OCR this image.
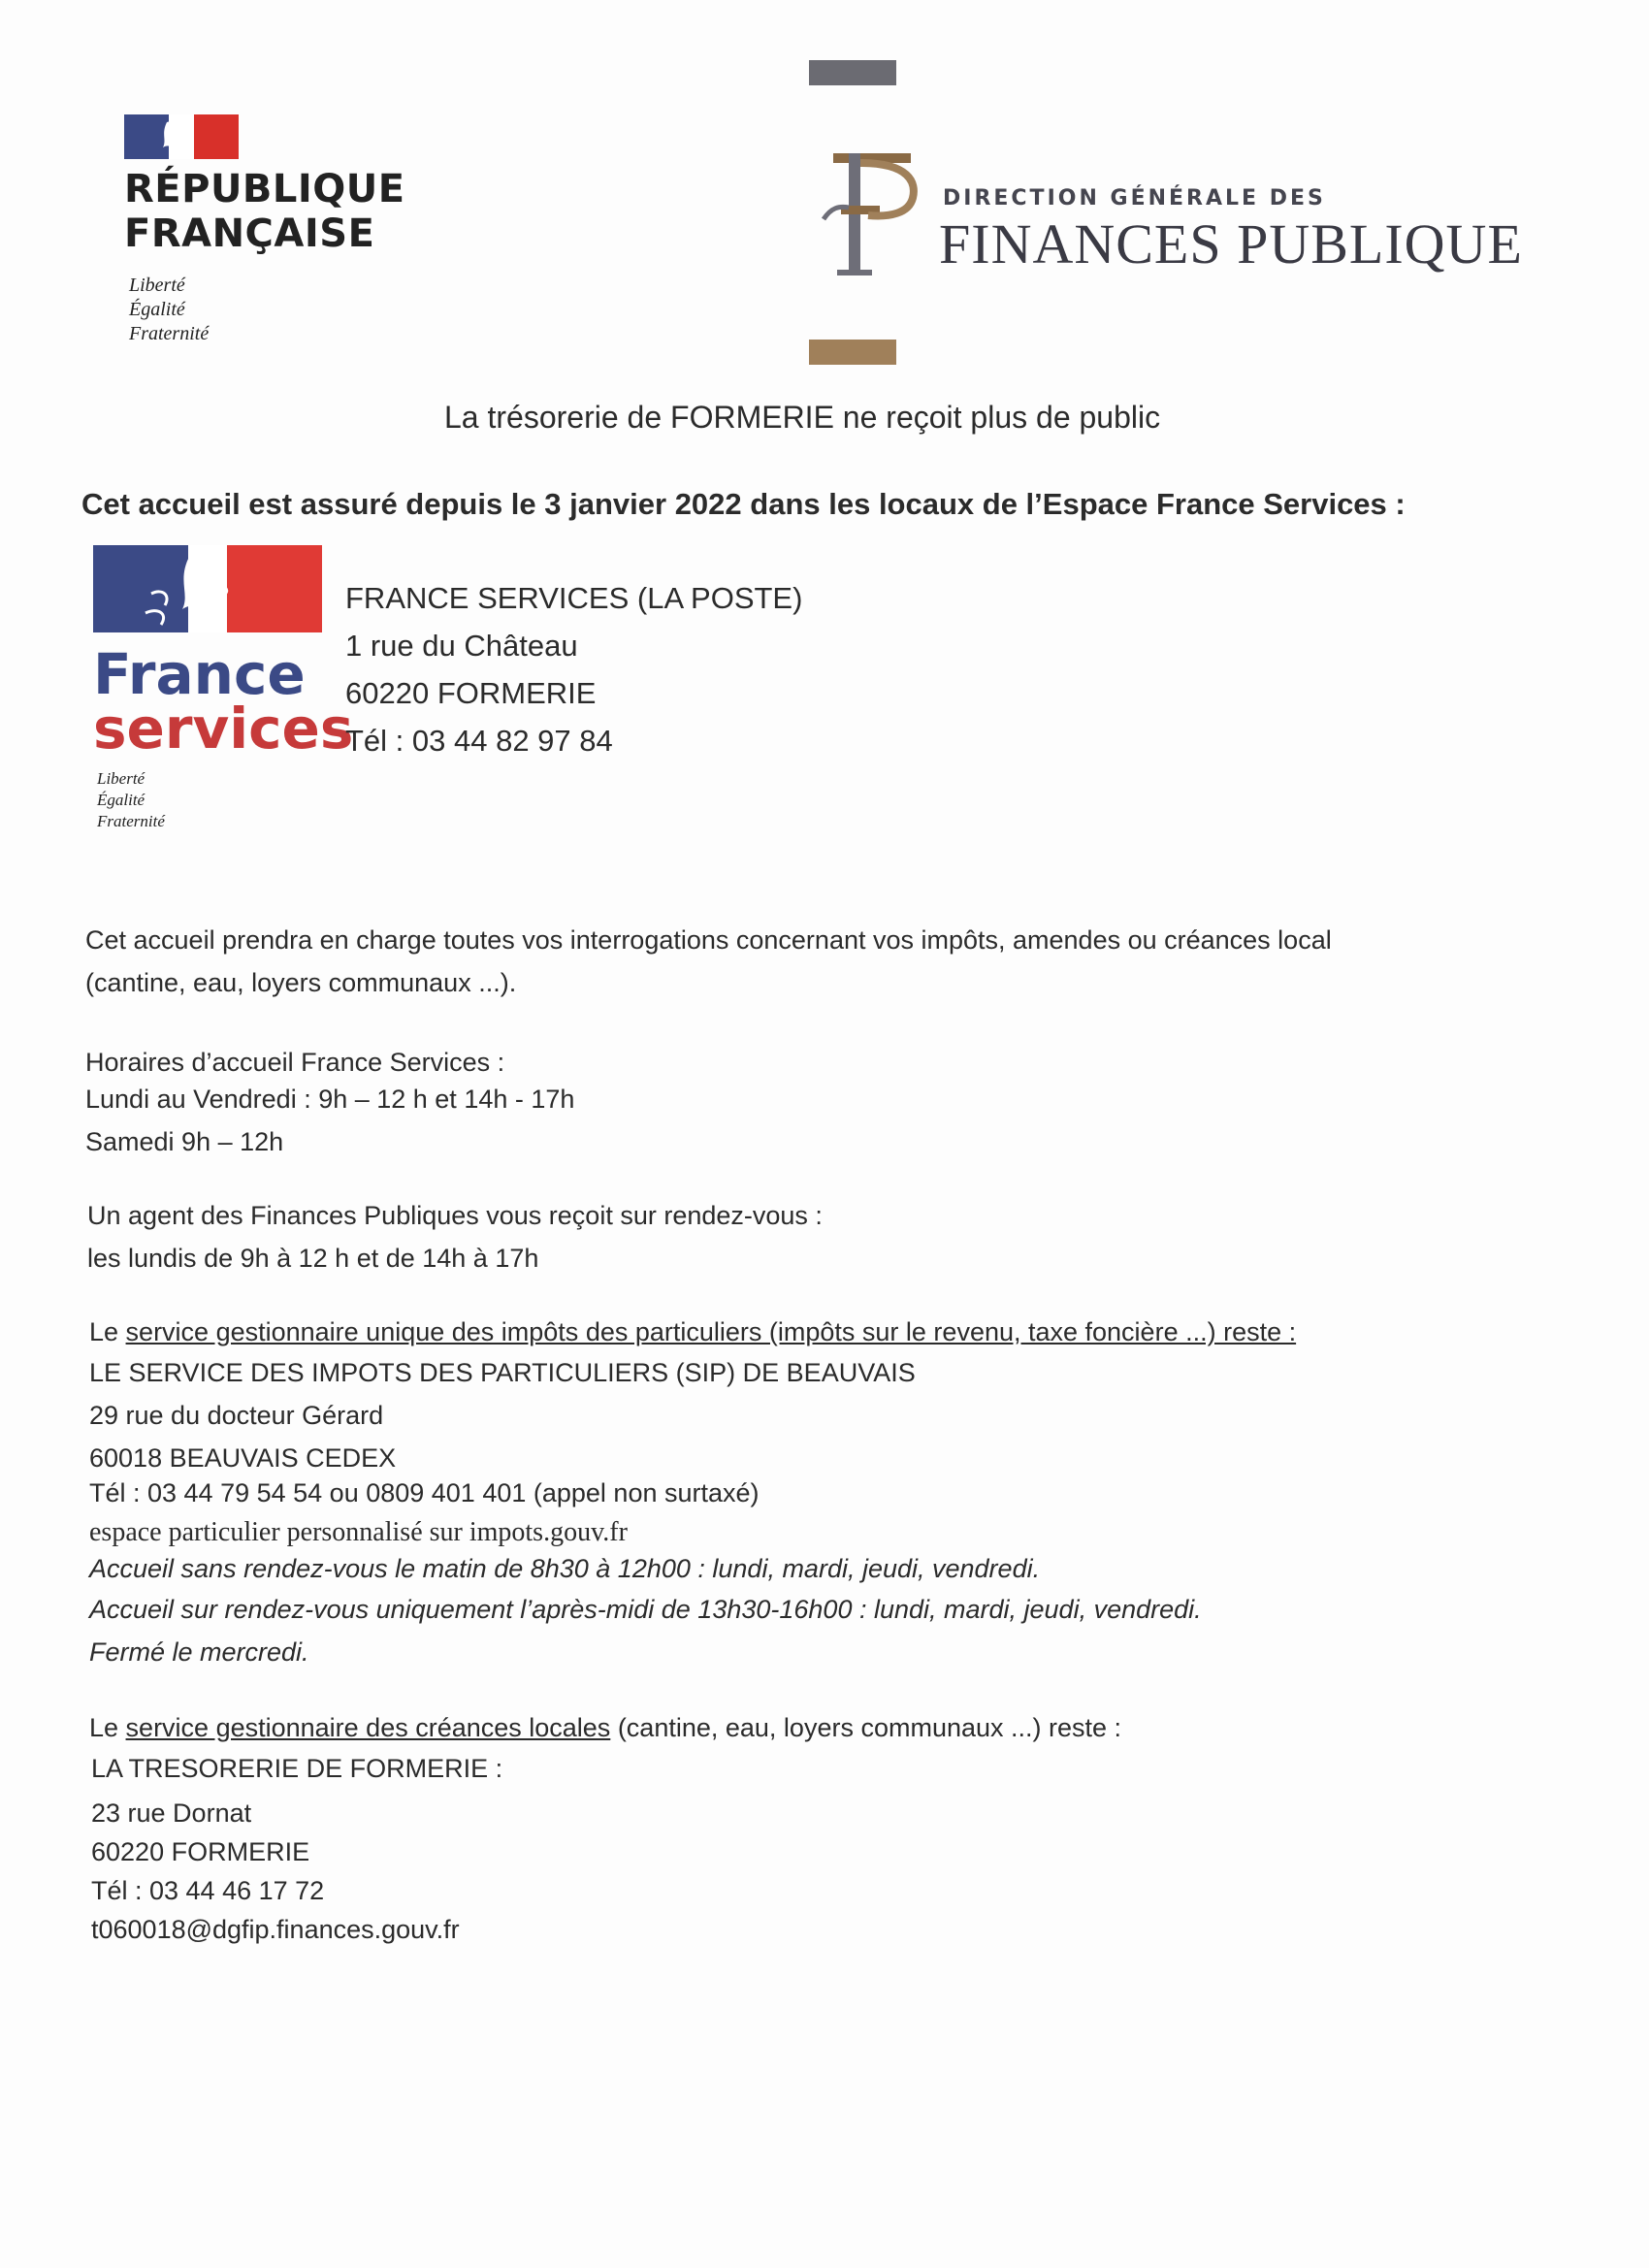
RÉPUBLIQUE
FRANÇAISE
Liberté
Égalité
Fraternité
DIRECTION GÉNÉRALE DES
FINANCES PUBLIQUE
La trésorerie de FORMERIE ne reçoit plus de public
Cet accueil est assuré depuis le 3 janvier 2022 dans les locaux de l’Espace France Services :
France
services
Liberté
Égalité
Fraternité
FRANCE SERVICES (LA POSTE)
1 rue du Château
60220 FORMERIE
Tél : 03 44 82 97 84
Cet accueil prendra en charge toutes vos interrogations concernant vos impôts, amendes ou créances local
(cantine, eau, loyers communaux ...).
Horaires d’accueil France Services :
Lundi au Vendredi : 9h – 12 h et 14h - 17h
Samedi 9h – 12h
Un agent des Finances Publiques vous reçoit sur rendez-vous :
les lundis de 9h à 12 h et de 14h à 17h
Le service gestionnaire unique des impôts des particuliers (impôts sur le revenu, taxe foncière ...) reste :
LE SERVICE DES IMPOTS DES PARTICULIERS (SIP) DE BEAUVAIS
29 rue du docteur Gérard
60018 BEAUVAIS CEDEX
Tél : 03 44 79 54 54 ou 0809 401 401 (appel non surtaxé)
espace particulier personnalisé sur impots.gouv.fr
Accueil sans rendez-vous le matin de 8h30 à 12h00 : lundi, mardi, jeudi, vendredi.
Accueil sur rendez-vous uniquement l’après-midi de 13h30-16h00 : lundi, mardi, jeudi, vendredi.
Fermé le mercredi.
Le service gestionnaire des créances locales (cantine, eau, loyers communaux ...) reste :
LA TRESORERIE DE FORMERIE :
23 rue Dornat
60220 FORMERIE
Tél : 03 44 46 17 72
t060018@dgfip.finances.gouv.fr
